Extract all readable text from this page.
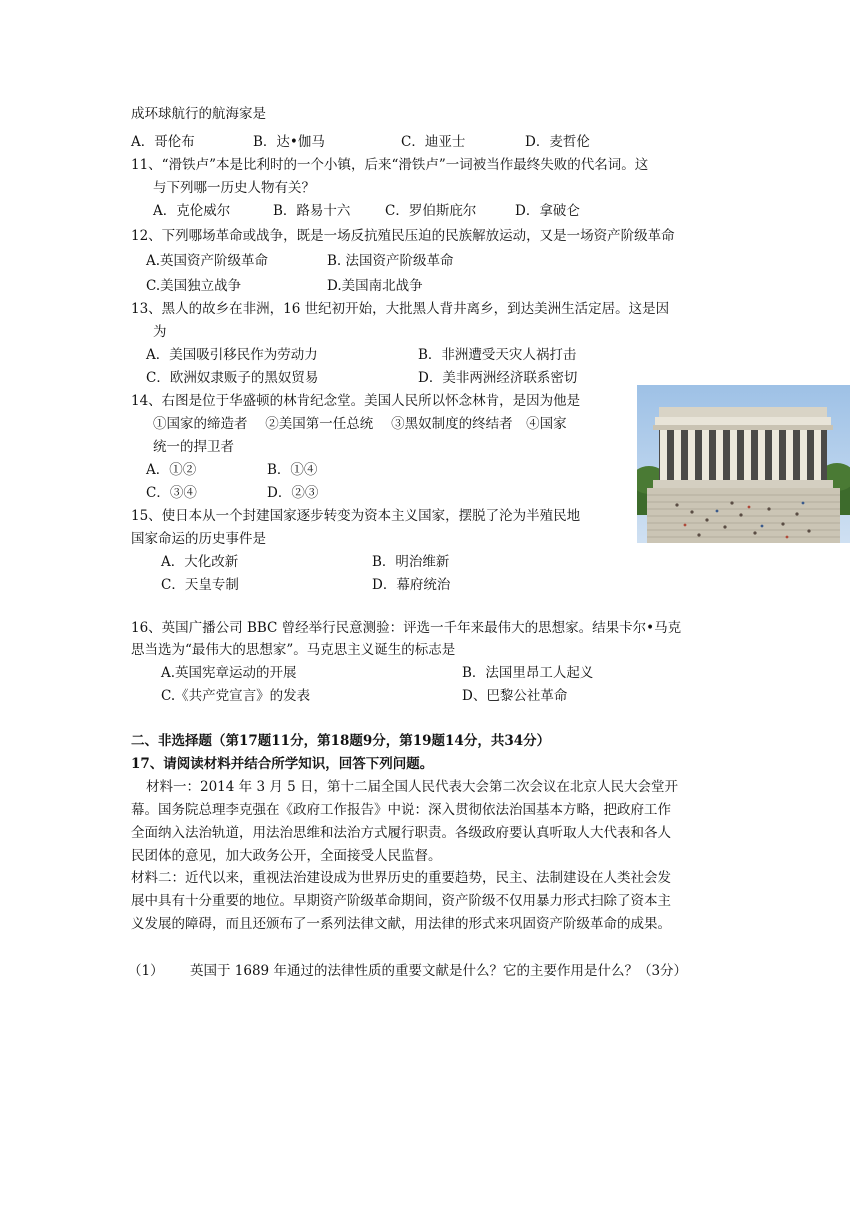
成环球航行的航海家是
A．哥伦布	B．达•伽马	C．迪亚士	D．麦哲伦
11、“滑铁卢”本是比利时的一个小镇，后来“滑铁卢”一词被当作最终失败的代名词。这
与下列哪一历史人物有关？
A．克伦威尔	B．路易十六	C．罗伯斯庇尔	D．拿破仑
12、下列哪场革命或战争，既是一场反抗殖民压迫的民族解放运动，又是一场资产阶级革命
A.英国资产阶级革命	B. 法国资产阶级革命
C.美国独立战争	D.美国南北战争
13、黑人的故乡在非洲，16 世纪初开始，大批黑人背井离乡，到达美洲生活定居。这是因
为
A．美国吸引移民作为劳动力	B．非洲遭受天灾人祸打击
C．欧洲奴隶贩子的黑奴贸易	D．美非两洲经济联系密切
14、右图是位于华盛顿的林肯纪念堂。美国人民所以怀念林肯，是因为他是
①国家的缔造者　 ②美国第一任总统　 ③黑奴制度的终结者　④国家
统一的捍卫者
A．①②	B．①④
C．③④	D．②③
15、使日本从一个封建国家逐步转变为资本主义国家，摆脱了沦为半殖民地
国家命运的历史事件是
A．大化改新	B．明治维新
C．天皇专制	D．幕府统治
16、英国广播公司 BBC 曾经举行民意测验：评选一千年来最伟大的思想家。结果卡尔•马克
思当选为“最伟大的思想家”。马克思主义诞生的标志是
A.英国宪章运动的开展	B．法国里昂工人起义
C.《共产党宣言》的发表	D、巴黎公社革命
二、非选择题（第17题11分，第18题9分，第19题14分，共34分）
17、请阅读材料并结合所学知识，回答下列问题。
材料一：2014 年 3 月 5 日，第十二届全国人民代表大会第二次会议在北京人民大会堂开
幕。国务院总理李克强在《政府工作报告》中说：深入贯彻依法治国基本方略，把政府工作
全面纳入法治轨道，用法治思维和法治方式履行职责。各级政府要认真听取人大代表和各人
民团体的意见，加大政务公开，全面接受人民监督。
材料二：近代以来，重视法治建设成为世界历史的重要趋势，民主、法制建设在人类社会发
展中具有十分重要的地位。早期资产阶级革命期间，资产阶级不仅用暴力形式扫除了资本主
义发展的障碍，而且还颁布了一系列法律文献，用法律的形式来巩固资产阶级革命的成果。
（1） 英国于 1689 年通过的法律性质的重要文献是什么？它的主要作用是什么？（3分）
